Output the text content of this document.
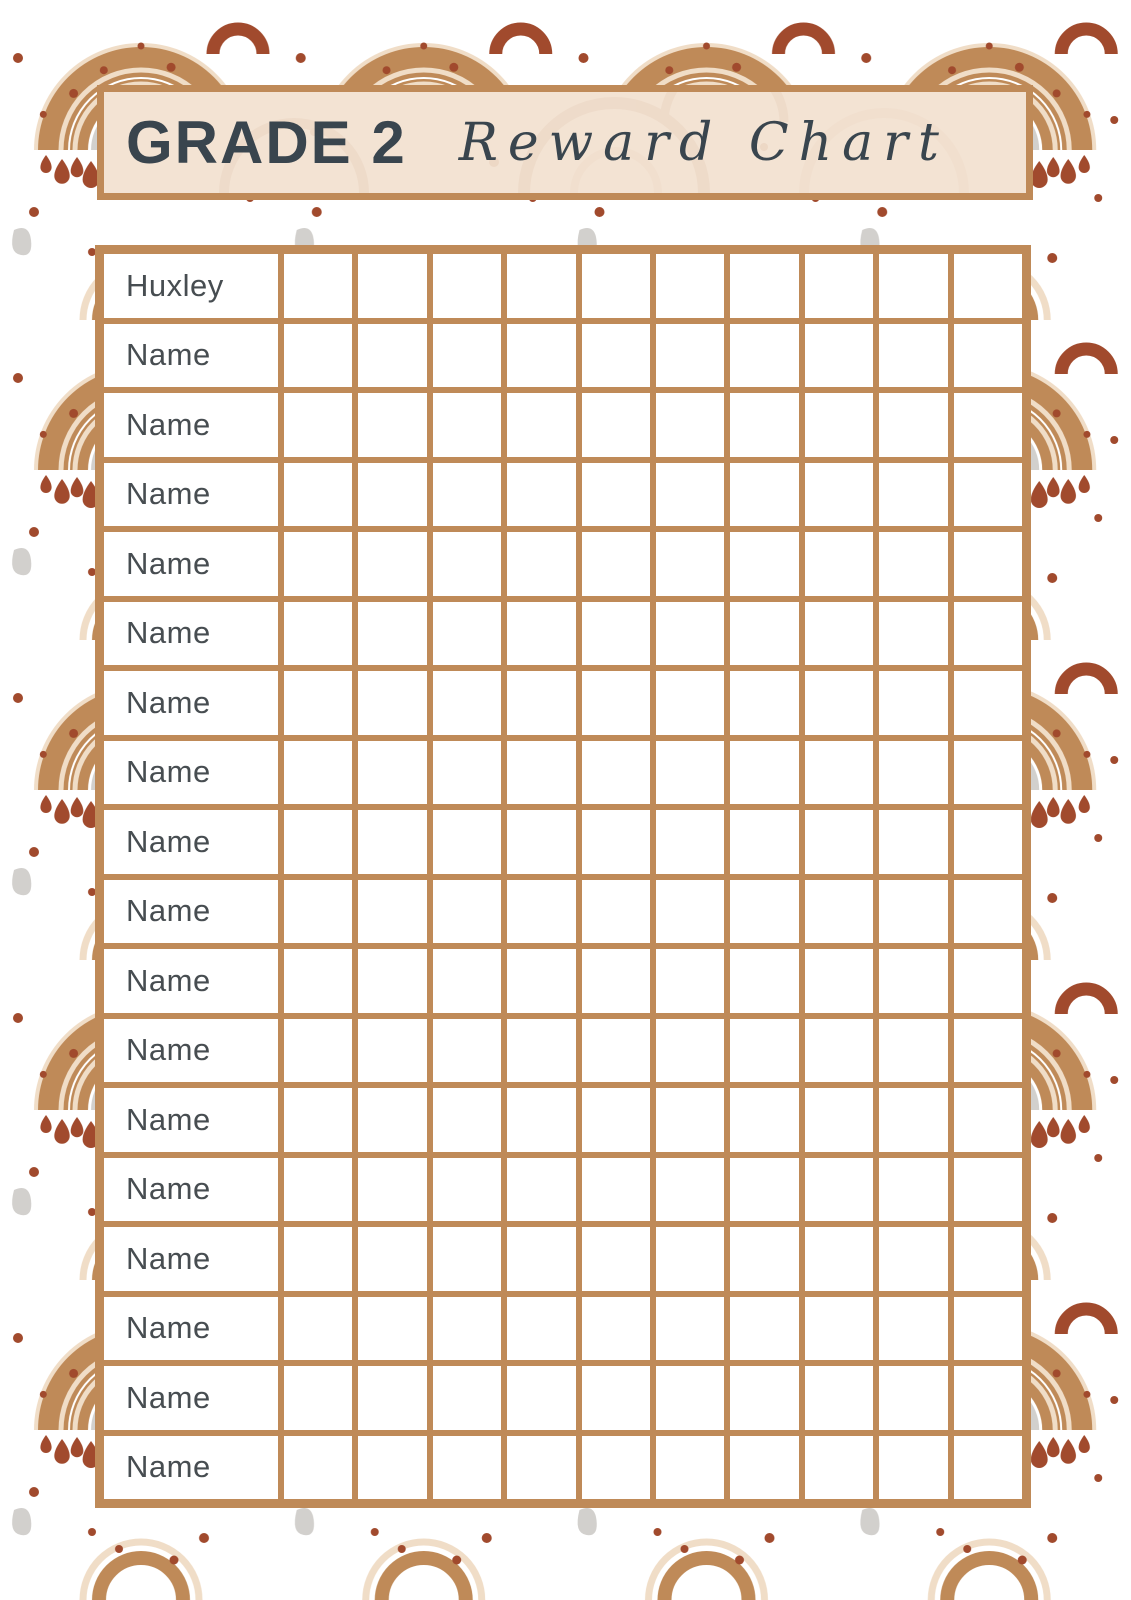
GRADE 2 Reward Chart
Huxley
Name
Name
Name
Name
Name
Name
Name
Name
Name
Name
Name
Name
Name
Name
Name
Name
Name
